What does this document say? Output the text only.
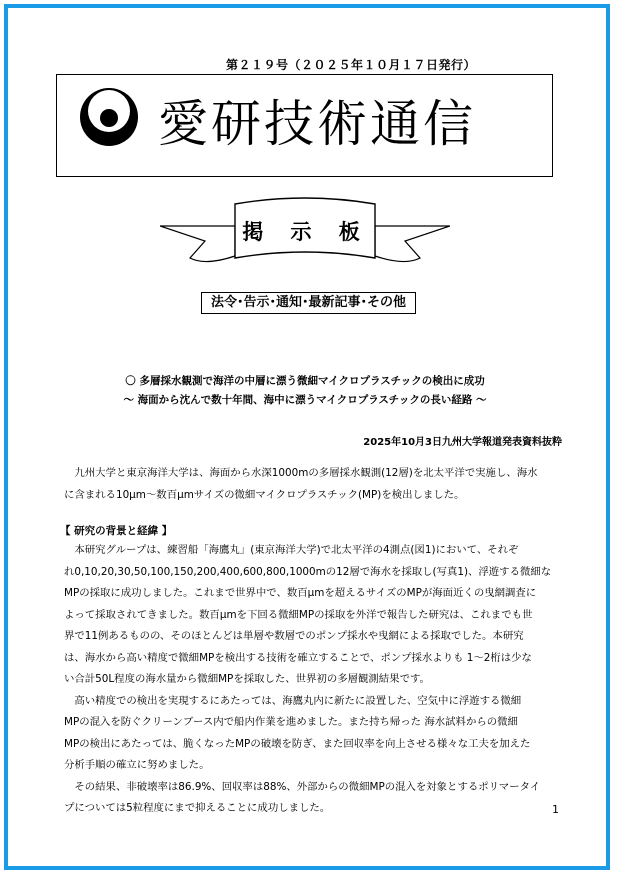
第２１９号（２０２５年１０月１７日発行）
愛研技術通信
掲 示 板
法令･告示･通知･最新記事･その他
〇 多層採水観測で海洋の中層に漂う微細マイクロプラスチックの検出に成功
～ 海面から沈んで数十年間、海中に漂うマイクロプラスチックの長い経路 ～
2025年10月3日九州大学報道発表資料抜粋
　九州大学と東京海洋大学は、海面から水深1000mの多層採水観測(12層)を北太平洋で実施し、海水
に含まれる10μm～数百μmサイズの微細マイクロプラスチック(MP)を検出しました。
【 研究の背景と経緯 】
　本研究グループは、練習船「海鷹丸」(東京海洋大学)で北太平洋の4測点(図1)において、それぞ
れ0,10,20,30,50,100,150,200,400,600,800,1000mの12層で海水を採取し(写真1)、浮遊する微細な
MPの採取に成功しました。これまで世界中で、数百μmを超えるサイズのMPが海面近くの曳網調査に
よって採取されてきました。数百μmを下回る微細MPの採取を外洋で報告した研究は、これまでも世
界で11例あるものの、そのほとんどは単層や数層でのポンプ採水や曳網による採取でした。本研究
は、海水から高い精度で微細MPを検出する技術を確立することで、ポンプ採水よりも 1～2桁は少な
い合計50L程度の海水量から微細MPを採取した、世界初の多層観測結果です。
　高い精度での検出を実現するにあたっては、海鷹丸内に新たに設置した、空気中に浮遊する微細
MPの混入を防ぐクリーンブース内で船内作業を進めました。また持ち帰った 海水試料からの微細
MPの検出にあたっては、脆くなったMPの破壊を防ぎ、また回収率を向上させる様々な工夫を加えた
分析手順の確立に努めました。
　その結果、非破壊率は86.9%、回収率は88%、外部からの微細MPの混入を対象とするポリマータイ
プについては5粒程度にまで抑えることに成功しました。	1
